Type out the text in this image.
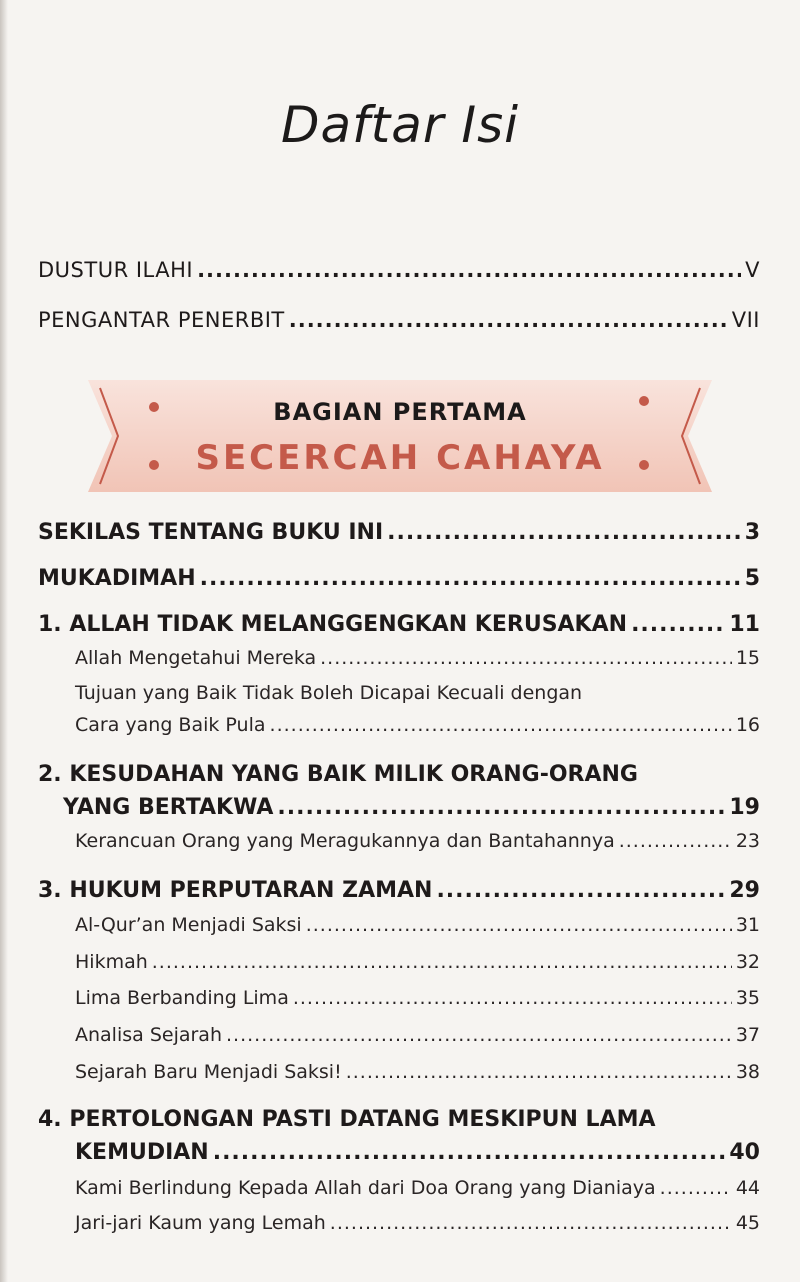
Daftar Isi
DUSTUR ILAHI .....	V
PENGANTAR PENERBIT .....	VII
BAGIAN PERTAMA
SECERCAH CAHAYA
SEKILAS TENTANG BUKU INI .....	3
MUKADIMAH .....	5
1. ALLAH TIDAK MELANGGENGKAN KERUSAKAN .....	11
Allah Mengetahui Mereka .....	15
Tujuan yang Baik Tidak Boleh Dicapai Kecuali dengan
Cara yang Baik Pula .....	16
2. KESUDAHAN YANG BAIK MILIK ORANG-ORANG
YANG BERTAKWA .....	19
Kerancuan Orang yang Meragukannya dan Bantahannya .....	23
3. HUKUM PERPUTARAN ZAMAN .....	29
Al-Qur’an Menjadi Saksi .....	31
Hikmah .....	32
Lima Berbanding Lima .....	35
Analisa Sejarah .....	37
Sejarah Baru Menjadi Saksi! .....	38
4. PERTOLONGAN PASTI DATANG MESKIPUN LAMA
KEMUDIAN .....	40
Kami Berlindung Kepada Allah dari Doa Orang yang Dianiaya .....	44
Jari-jari Kaum yang Lemah .....	45
